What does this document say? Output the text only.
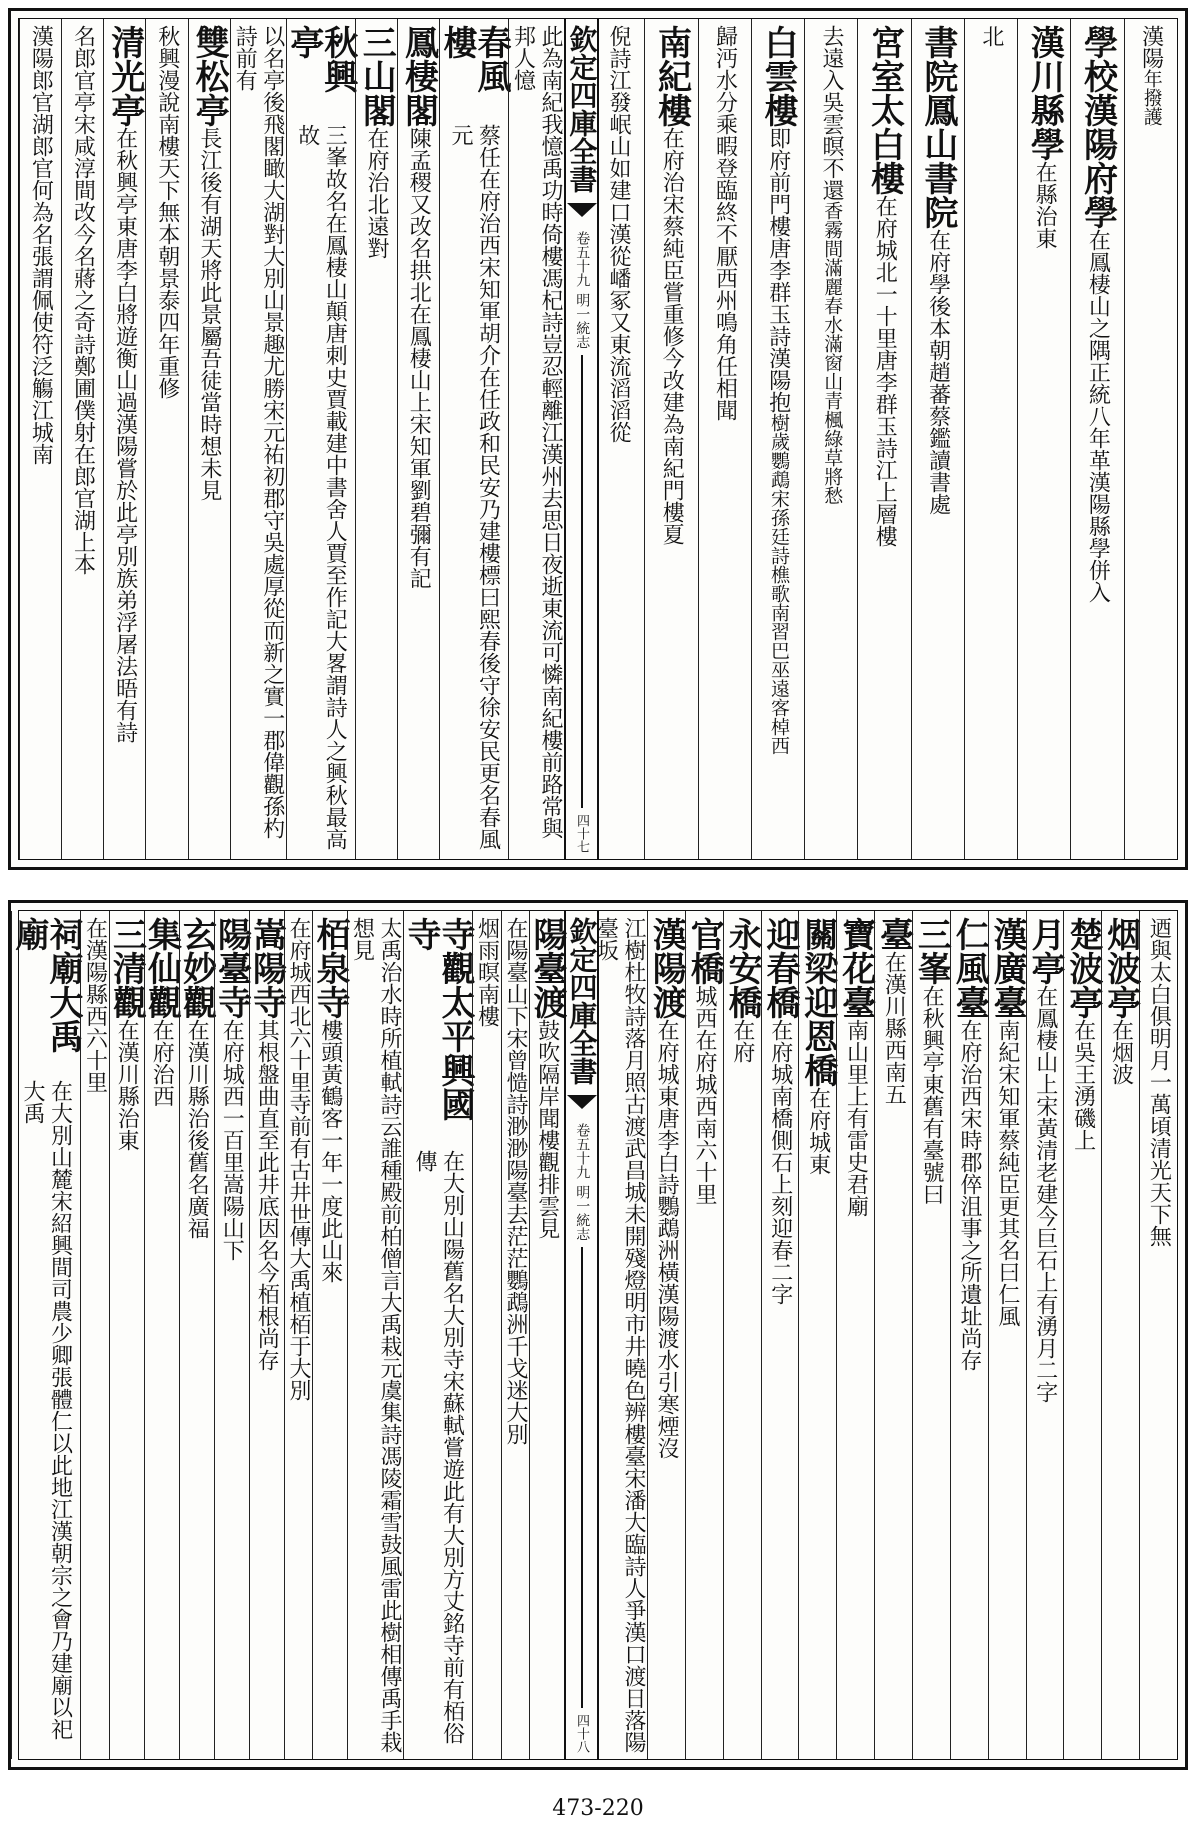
漢陽
年撥護
學校漢陽府學
在鳳棲山之隅正統八年革漢陽縣學併入
漢川縣學
在縣治東
北
書院鳳山書院
在府學後本朝趙蕃蔡鑑讀書處
宮室太白樓
在府城北一十里唐李群玉詩江上層樓
去遠入吳雲暝不還
香霧間滿麗春水滿窗山青楓綠草將愁
白雲樓
即府前門樓唐李群玉詩漢陽抱
樹歲鸚鵡宋孫廷詩樵歌南習巴巫遠客棹西
歸沔水分乘暇登臨終不厭西州鳴角任相聞
南紀樓
在府治宋蔡純臣嘗重修今改建為南紀門樓夏
倪詩江發岷山如建口漢從嶓冢又東流滔滔從
欽定四庫全書
卷五十九
明一統志
四十七
此為南紀我憶禹功時倚樓馮杞詩豈忍輕離江漢州去思日夜逝東流可憐南紀樓前路常與邦人憶
春風樓
蔡任在府治西宋知軍胡介在任政和民安乃建樓標曰熙春後守徐安民更名春風元
鳳棲閣
陳孟稷又改名拱北在鳳棲山上宋知軍劉碧彌有記
三山閣
在府治北遠對
秋興亭
三峯故名在鳳棲山顛唐刺史賈載建中書舍人賈至作記大畧謂詩人之興秋最高故
以名亭後飛閣瞰大湖對大別山景趣尤勝宋元祐初郡守吳處厚從而新之實一郡偉觀孫杓詩前有
雙松亭
長江後有湖天將此景屬吾徒當時想未見
秋興漫說南樓天下無本朝景泰四年重修
清光亭
在秋興亭東唐李白將遊衡山過漢陽嘗於此亭別族弟浮屠法晤有詩
名郎官亭宋咸淳間改今名蔣之奇詩鄭圃僕射在郎官湖上本
漢陽郎官湖郎官何為名張謂佩使符泛觴江城南
迺與太白俱明月一萬頃清光天下無
烟波亭
在烟波
楚波亭
在吳王湧磯上
月亭
在鳳棲山上宋黃清老建今巨石上有湧月二字
漢廣臺
南紀宋知軍蔡純臣更其名曰仁風
仁風臺
在府治西宋時郡倅沮事之所遺址尚存
三峯
在秋興亭東舊有臺號曰
臺
在漢川縣西南五
寶花臺
南山里上有雷史君廟
關梁迎恩橋
在府城東
迎春橋
在府城南橋側石上刻迎春二字
永安橋
在府
官橋
城西在府城西南六十里
漢陽渡
在府城東唐李白詩鸚鵡洲橫漢陽渡水引寒煙沒
江樹杜牧詩落月照古渡武昌城未開殘燈明市井曉色辨樓臺宋潘大臨詩人爭漢口渡日落陽臺坂
欽定四庫全書
卷五十九
明一統志
四十八
陽臺渡
鼓吹隔岸聞樓觀排雲見
在陽臺山下宋曾慥詩渺渺陽臺去茫茫鸚鵡洲千戈迷大別
烟雨暝南樓
寺觀太平興國寺
在大別山陽舊名大別寺宋蘇軾嘗遊此有大別方丈銘寺前有栢俗傳
太禹治水時所植軾詩云誰種殿前柏僧言大禹栽元虞集詩馮陵霜雪鼓風雷此樹相傳禹手栽想見
栢泉寺
樓頭黃鶴客一年一度此山來
在府城西北六十里寺前有古井世傳大禹植栢于大別
嵩陽寺
其根盤曲直至此井底因名今栢根尚存
陽臺寺
在府城西一百里嵩陽山下
玄妙觀
在漢川縣治後舊名廣福
集仙觀
在府治西
三清觀
在漢川縣治東
在漢陽縣西六十里
祠廟大禹廟
在大別山麓宋紹興間司農少卿張體仁以此地江漢朝宗之會乃建廟以祀大禹
473-220
